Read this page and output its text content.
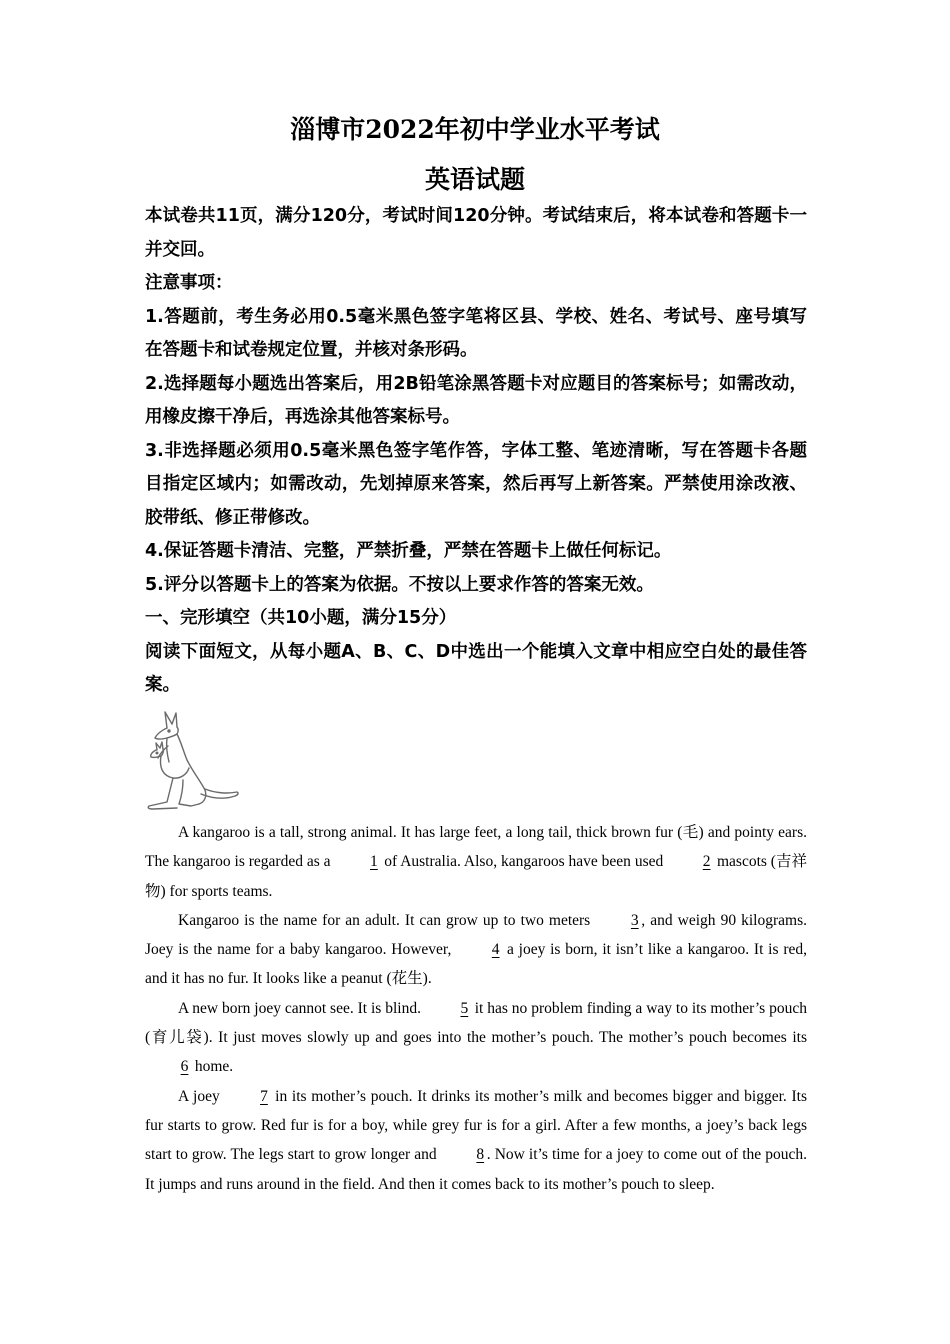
淄博市2022年初中学业水平考试
英语试题

本试卷共11页，满分120分，考试时间120分钟。考试结束后，将本试卷和答题卡一并交回。

注意事项：

1.答题前，考生务必用0.5毫米黑色签字笔将区县、学校、姓名、考试号、座号填写在答题卡和试卷规定位置，并核对条形码。

2.选择题每小题选出答案后，用2B铅笔涂黑答题卡对应题目的答案标号；如需改动，用橡皮擦干净后，再选涂其他答案标号。

3.非选择题必须用0.5毫米黑色签字笔作答，字体工整、笔迹清晰，写在答题卡各题目指定区域内；如需改动，先划掉原来答案，然后再写上新答案。严禁使用涂改液、胶带纸、修正带修改。

4.保证答题卡清洁、完整，严禁折叠，严禁在答题卡上做任何标记。

5.评分以答题卡上的答案为依据。不按以上要求作答的答案无效。

一、完形填空（共10小题，满分15分）

阅读下面短文，从每小题A、B、C、D中选出一个能填入文章中相应空白处的最佳答案。

A kangaroo is a tall, strong animal. It has large feet, a long tail, thick brown fur (毛) and pointy ears. The kangaroo is regarded as a 1 of Australia. Also, kangaroos have been used 2 mascots (吉祥物) for sports teams.

Kangaroo is the name for an adult. It can grow up to two meters 3 , and weigh 90 kilograms. Joey is the name for a baby kangaroo. However, 4 a joey is born, it isn’t like a kangaroo. It is red, and it has no fur. It looks like a peanut (花生).

A new born joey cannot see. It is blind. 5 it has no problem finding a way to its mother’s pouch (育儿袋). It just moves slowly up and goes into the mother’s pouch. The mother’s pouch becomes its 6 home.

A joey 7 in its mother’s pouch. It drinks its mother’s milk and becomes bigger and bigger. Its fur starts to grow. Red fur is for a boy, while grey fur is for a girl. After a few months, a joey’s back legs start to grow. The legs start to grow longer and 8 . Now it’s time for a joey to come out of the pouch. It jumps and runs around in the field. And then it comes back to its mother’s pouch to sleep.
